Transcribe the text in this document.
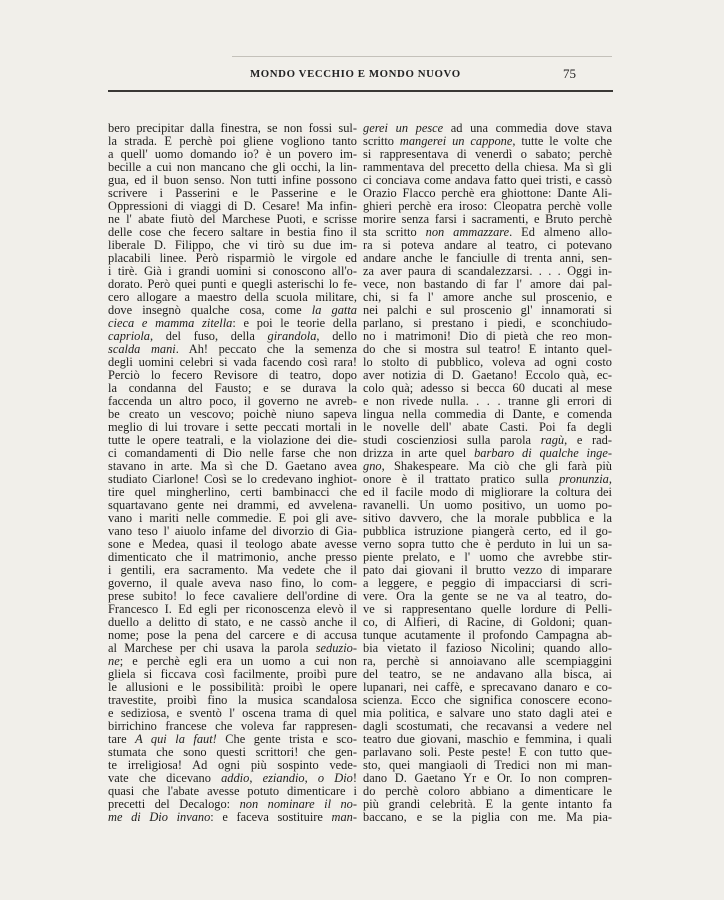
MONDO VECCHIO E MONDO NUOVO	75
bero precipitar dalla finestra, se non fossi sul-
la strada. E perchè poi gliene vogliono tanto
a quell' uomo domando io? è un povero im-
becille a cui non mancano che gli occhi, la lin-
gua, ed il buon senso. Non tutti infine possono
scrivere i Passerini e le Passerine e le
Oppressioni di viaggi di D. Cesare! Ma infin-
ne l' abate fiutò del Marchese Puoti, e scrisse
delle cose che fecero saltare in bestia fino il
liberale D. Filippo, che vi tirò su due im-
placabili linee. Però risparmiò le virgole ed
i tirè. Già i grandi uomini si conoscono all'o-
dorato. Però quei punti e quegli asterischi lo fe-
cero allogare a maestro della scuola militare,
dove insegnò qualche cosa, come la gatta
cieca e mamma zitella: e poi le teorie della
capriola, del fuso, della girandola, dello
scalda mani. Ah! peccato che la semenza
degli uomini celebri si vada facendo così rara!
Perciò lo fecero Revisore di teatro, dopo
la condanna del Fausto; e se durava la
faccenda un altro poco, il governo ne avreb-
be creato un vescovo; poichè niuno sapeva
meglio di lui trovare i sette peccati mortali in
tutte le opere teatrali, e la violazione dei die-
ci comandamenti di Dio nelle farse che non
stavano in arte. Ma sì che D. Gaetano avea
studiato Ciarlone! Così se lo credevano inghiot-
tire quel mingherlino, certi bambinacci che
squartavano gente nei drammi, ed avvelena-
vano i mariti nelle commedie. E poi gli ave-
vano teso l' aiuolo infame del divorzio di Gia-
sone e Medea, quasi il teologo abate avesse
dimenticato che il matrimonio, anche presso
i gentili, era sacramento. Ma vedete che il
governo, il quale aveva naso fino, lo com-
prese subito! lo fece cavaliere dell'ordine di
Francesco I. Ed egli per riconoscenza elevò il
duello a delitto di stato, e ne cassò anche il
nome; pose la pena del carcere e di accusa
al Marchese per chi usava la parola seduzio-
ne; e perchè egli era un uomo a cui non
gliela si ficcava così facilmente, proibì pure
le allusioni e le possibilità: proibì le opere
travestite, proibì fino la musica scandalosa
e sediziosa, e sventò l' oscena trama di quel
birrichino francese che voleva far rappresen-
tare A qui la faut! Che gente trista e sco-
stumata che sono questi scrittori! che gen-
te irreligiosa! Ad ogni più sospinto vede-
vate che dicevano addio, eziandio, o Dio!
quasi che l'abate avesse potuto dimenticare i
precetti del Decalogo: non nominare il no-
me di Dio invano: e faceva sostituire man-
gerei un pesce ad una commedia dove stava
scritto mangerei un cappone, tutte le volte che
si rappresentava di venerdì o sabato; perchè
rammentava del precetto della chiesa. Ma sì gli
ci conciava come andava fatto quei tristi, e cassò
Orazio Flacco perchè era ghiottone: Dante Ali-
ghieri perchè era iroso: Cleopatra perchè volle
morire senza farsi i sacramenti, e Bruto perchè
sta scritto non ammazzare. Ed almeno allo-
ra si poteva andare al teatro, ci potevano
andare anche le fanciulle di trenta anni, sen-
za aver paura di scandalezzarsi. . . . Oggi in-
vece, non bastando di far l' amore dai pal-
chi, si fa l' amore anche sul proscenio, e
nei palchi e sul proscenio gl' innamorati si
parlano, si prestano i piedi, e sconchiudo-
no i matrimoni! Dio di pietà che reo mon-
do che si mostra sul teatro! E intanto quel-
lo stolto di pubblico, voleva ad ogni costo
aver notizia di D. Gaetano! Eccolo quà, ec-
colo quà; adesso si becca 60 ducati al mese
e non rivede nulla. . . . tranne gli errori di
lingua nella commedia di Dante, e comenda
le novelle dell' abate Casti. Poi fa degli
studi coscienziosi sulla parola ragù, e rad-
drizza in arte quel barbaro di qualche inge-
gno, Shakespeare. Ma ciò che gli farà più
onore è il trattato pratico sulla pronunzia,
ed il facile modo di migliorare la coltura dei
ravanelli. Un uomo positivo, un uomo po-
sitivo davvero, che la morale pubblica e la
pubblica istruzione piangerà certo, ed il go-
verno sopra tutto che è perduto in lui un sa-
piente prelato, e l' uomo che avrebbe stir-
pato dai giovani il brutto vezzo di imparare
a leggere, e peggio di impacciarsi di scri-
vere. Ora la gente se ne va al teatro, do-
ve si rappresentano quelle lordure di Pelli-
co, di Alfieri, di Racine, di Goldoni; quan-
tunque acutamente il profondo Campagna ab-
bia vietato il fazioso Nicolini; quando allo-
ra, perchè si annoiavano alle scempiaggini
del teatro, se ne andavano alla bisca, ai
lupanari, nei caffè, e sprecavano danaro e co-
scienza. Ecco che significa conoscere econo-
mia politica, e salvare uno stato dagli atei e
dagli scostumati, che recavansi a vedere nel
teatro due giovani, maschio e femmina, i quali
parlavano soli. Peste peste! E con tutto que-
sto, quei mangiaoli di Tredici non mi man-
dano D. Gaetano Yr e Or. Io non compren-
do perchè coloro abbiano a dimenticare le
più grandi celebrità. E la gente intanto fa
baccano, e se la piglia con me. Ma pia-
